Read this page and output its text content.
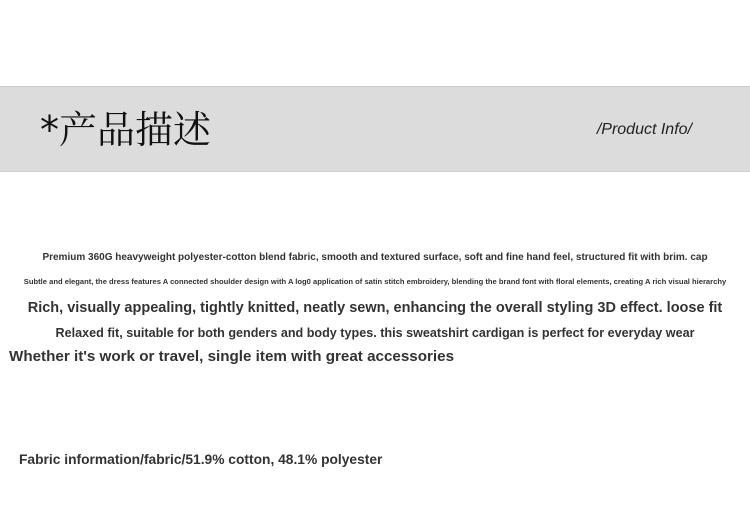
*产品描述	/Product Info/
Premium 360G heavyweight polyester-cotton blend fabric, smooth and textured surface, soft and fine hand feel, structured fit with brim. cap
Subtle and elegant, the dress features A connected shoulder design with A log0 application of satin stitch embroidery, blending the brand font with floral elements, creating A rich visual hierarchy
Rich, visually appealing, tightly knitted, neatly sewn, enhancing the overall styling 3D effect. loose fit
Relaxed fit, suitable for both genders and body types. this sweatshirt cardigan is perfect for everyday wear
Whether it's work or travel, single item with great accessories
Fabric information/fabric/51.9% cotton, 48.1% polyester
